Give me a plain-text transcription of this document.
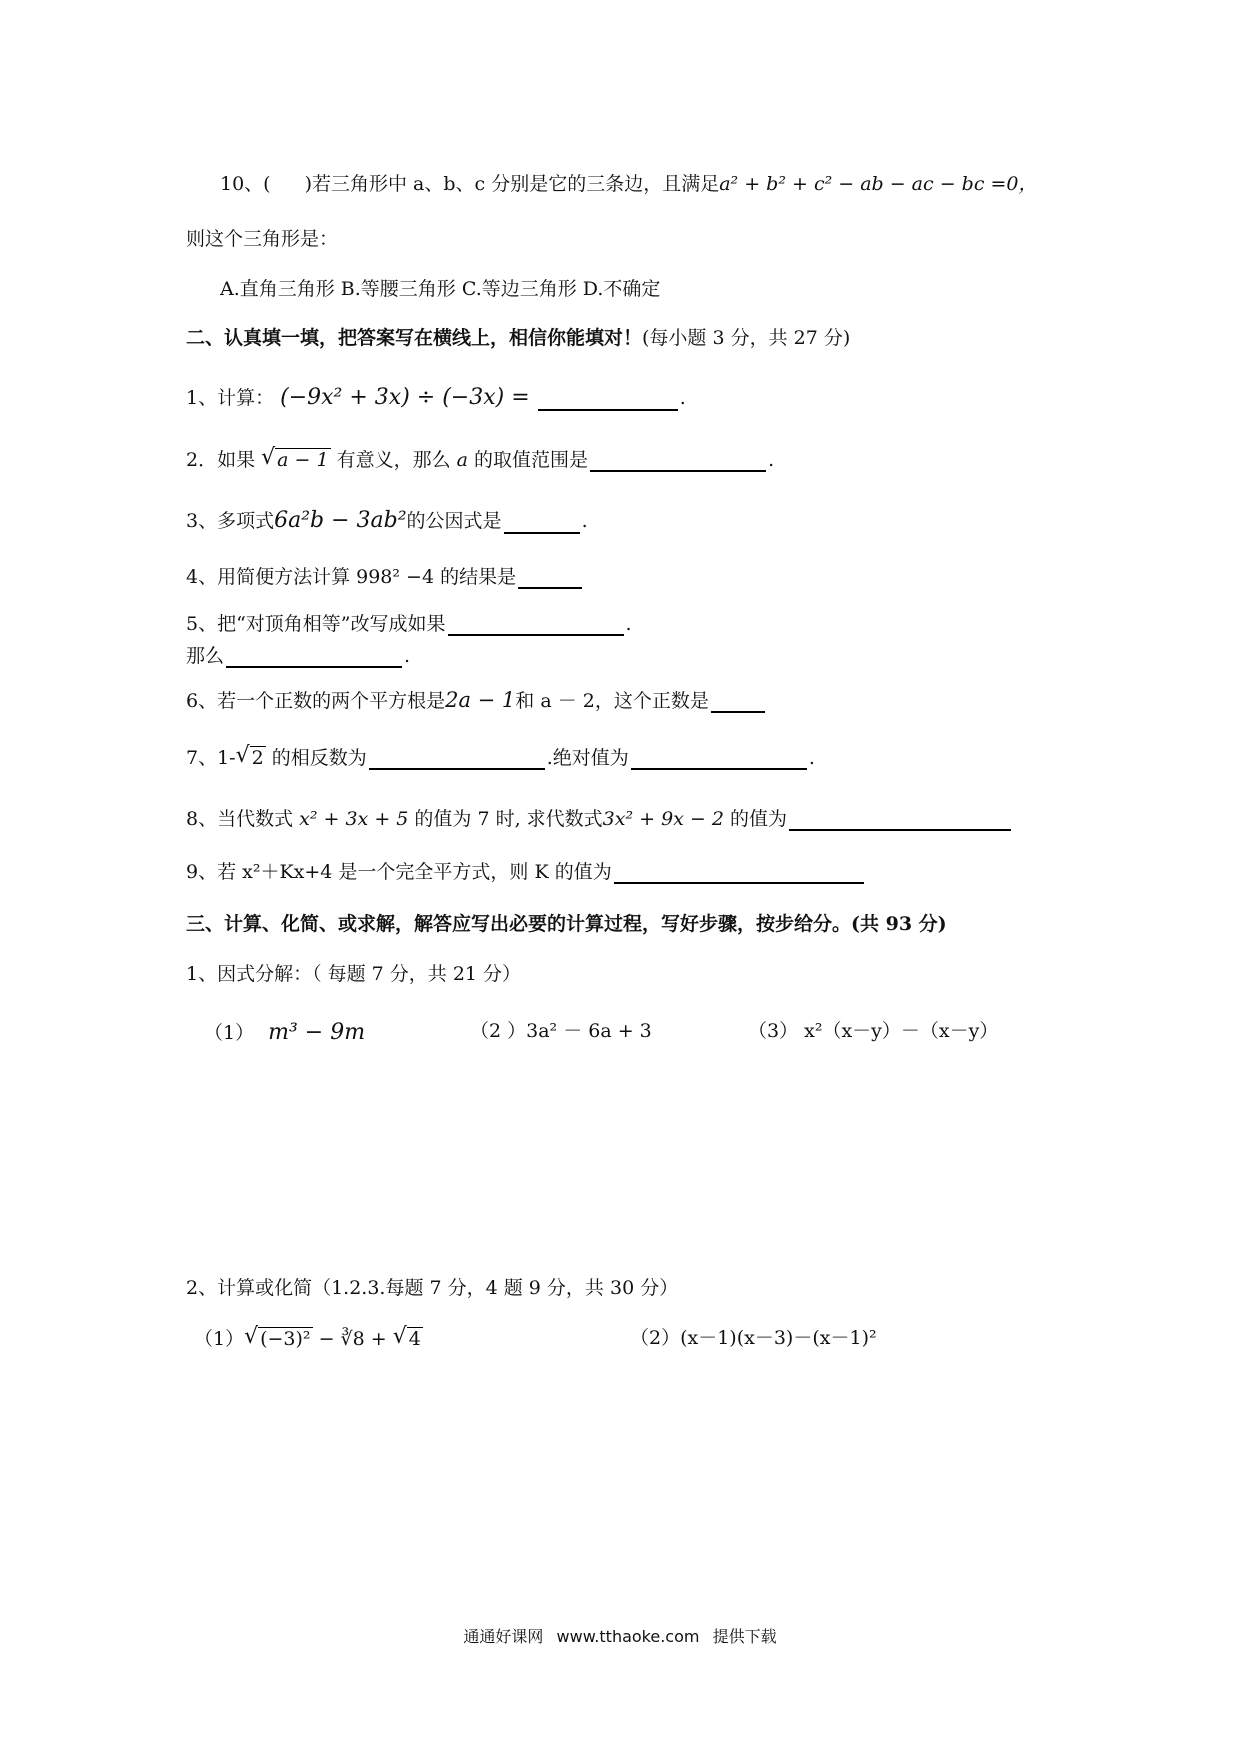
10、( )若三角形中 a、b、c 分别是它的三条边，且满足a² + b² + c² − ab − ac − bc =0，
则这个三角形是：
A.直角三角形 B.等腰三角形 C.等边三角形 D.不确定
二、认真填一填，把答案写在横线上，相信你能填对！(每小题 3 分，共 27 分)
1、计算： (−9x² + 3x) ÷ (−3x) =	.
2．如果 √ a − 1 有意义，那么 a 的取值范围是	.
3、多项式6a²b − 3ab²的公因式是	.
4、用简便方法计算 998² −4 的结果是
5、把“对顶角相等”改写成如果	.
那么	.
6、若一个正数的两个平方根是2a − 1和 a － 2，这个正数是
7、1- √ 2 的相反数为	.绝对值为	.
8、当代数式 x² + 3x + 5 的值为 7 时, 求代数式3x² + 9x − 2 的值为
9、若 x²＋Kx+4 是一个完全平方式，则 K 的值为
三、计算、化简、或求解，解答应写出必要的计算过程，写好步骤，按步给分。(共 93 分)
1、因式分解：（ 每题 7 分，共 21 分）
（1） m³ − 9m	（2 ）3a² － 6a + 3	（3） x²（x－y）－（x－y）
2、计算或化简（1.2.3.每题 7 分，4 题 9 分，共 30 分）
（1） √ (−3)² − ∛8 + √ 4	（2）(x－1)(x－3)－(x－1)²
通通好课网 www.tthaoke.com 提供下载
